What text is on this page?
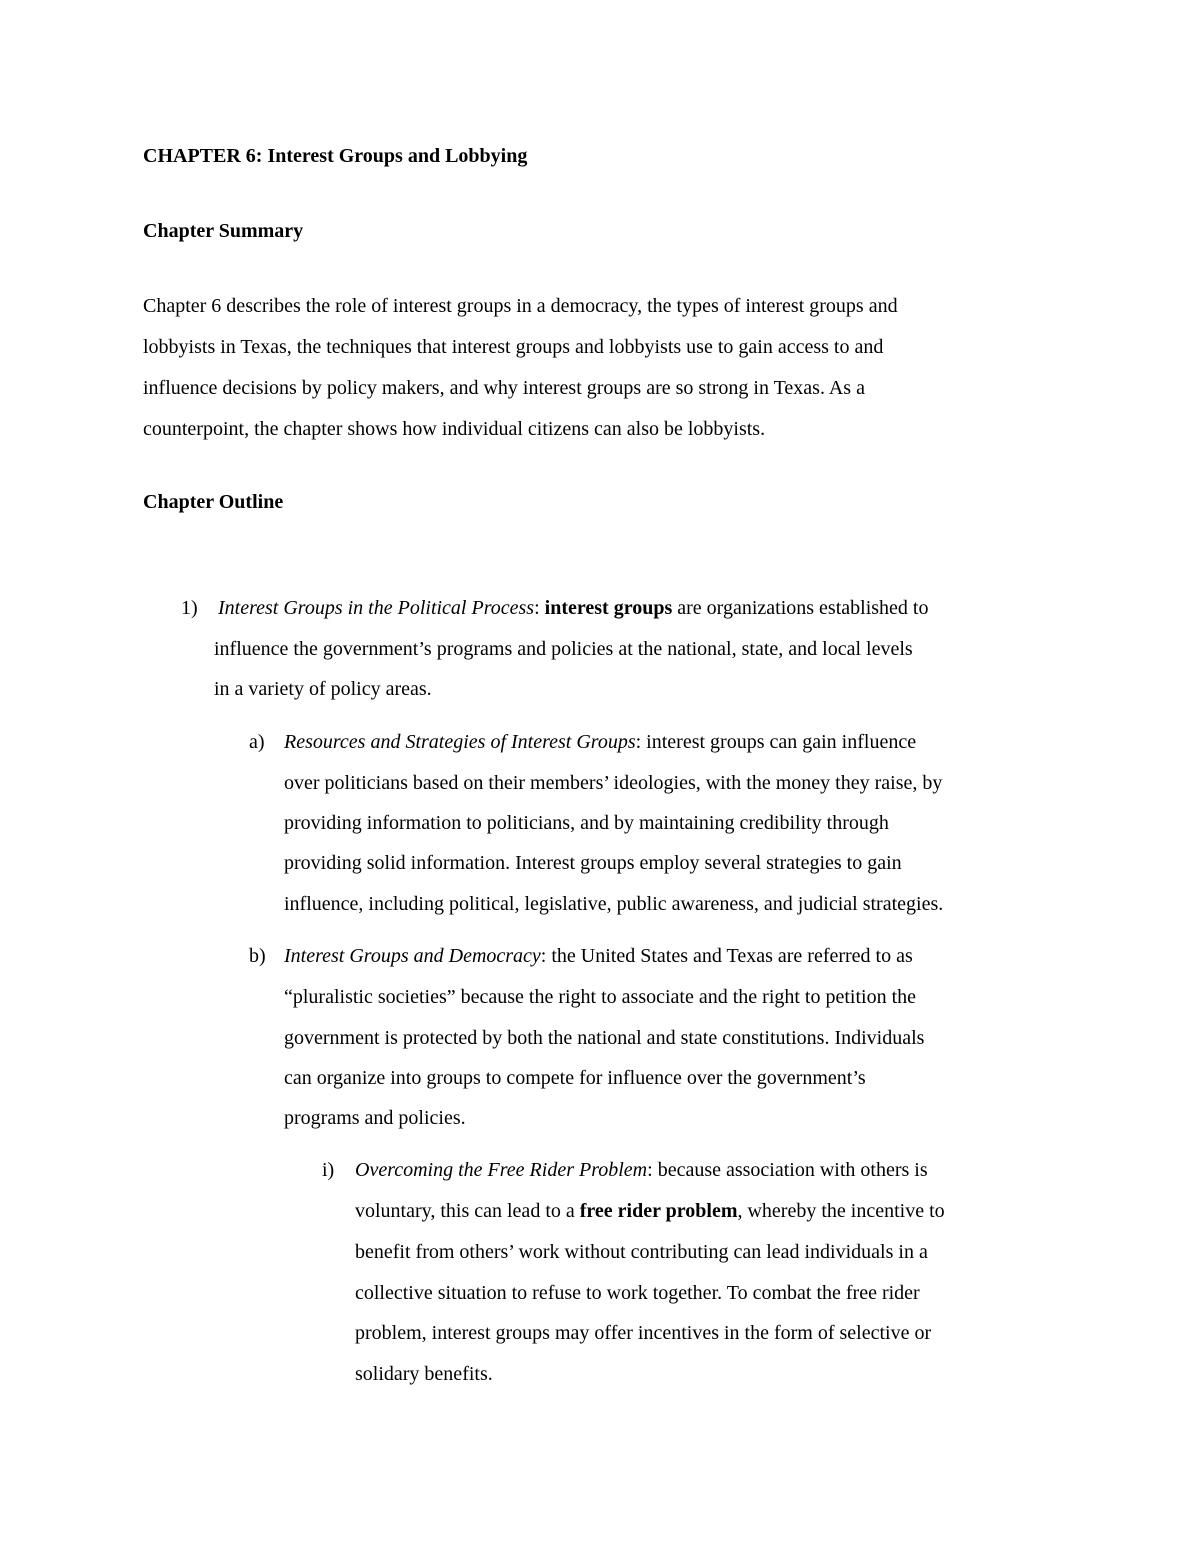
CHAPTER 6: Interest Groups and Lobbying

Chapter Summary

Chapter 6 describes the role of interest groups in a democracy, the types of interest groups and

lobbyists in Texas, the techniques that interest groups and lobbyists use to gain access to and

influence decisions by policy makers, and why interest groups are so strong in Texas. As a

counterpoint, the chapter shows how individual citizens can also be lobbyists.

Chapter Outline

1) Interest Groups in the Political Process: interest groups are organizations established to

influence the government’s programs and policies at the national, state, and local levels

in a variety of policy areas.

a) Resources and Strategies of Interest Groups: interest groups can gain influence

over politicians based on their members’ ideologies, with the money they raise, by

providing information to politicians, and by maintaining credibility through

providing solid information. Interest groups employ several strategies to gain

influence, including political, legislative, public awareness, and judicial strategies.

b) Interest Groups and Democracy: the United States and Texas are referred to as

“pluralistic societies” because the right to associate and the right to petition the

government is protected by both the national and state constitutions. Individuals

can organize into groups to compete for influence over the government’s

programs and policies.

i) Overcoming the Free Rider Problem: because association with others is

voluntary, this can lead to a free rider problem, whereby the incentive to

benefit from others’ work without contributing can lead individuals in a

collective situation to refuse to work together. To combat the free rider

problem, interest groups may offer incentives in the form of selective or

solidary benefits.
